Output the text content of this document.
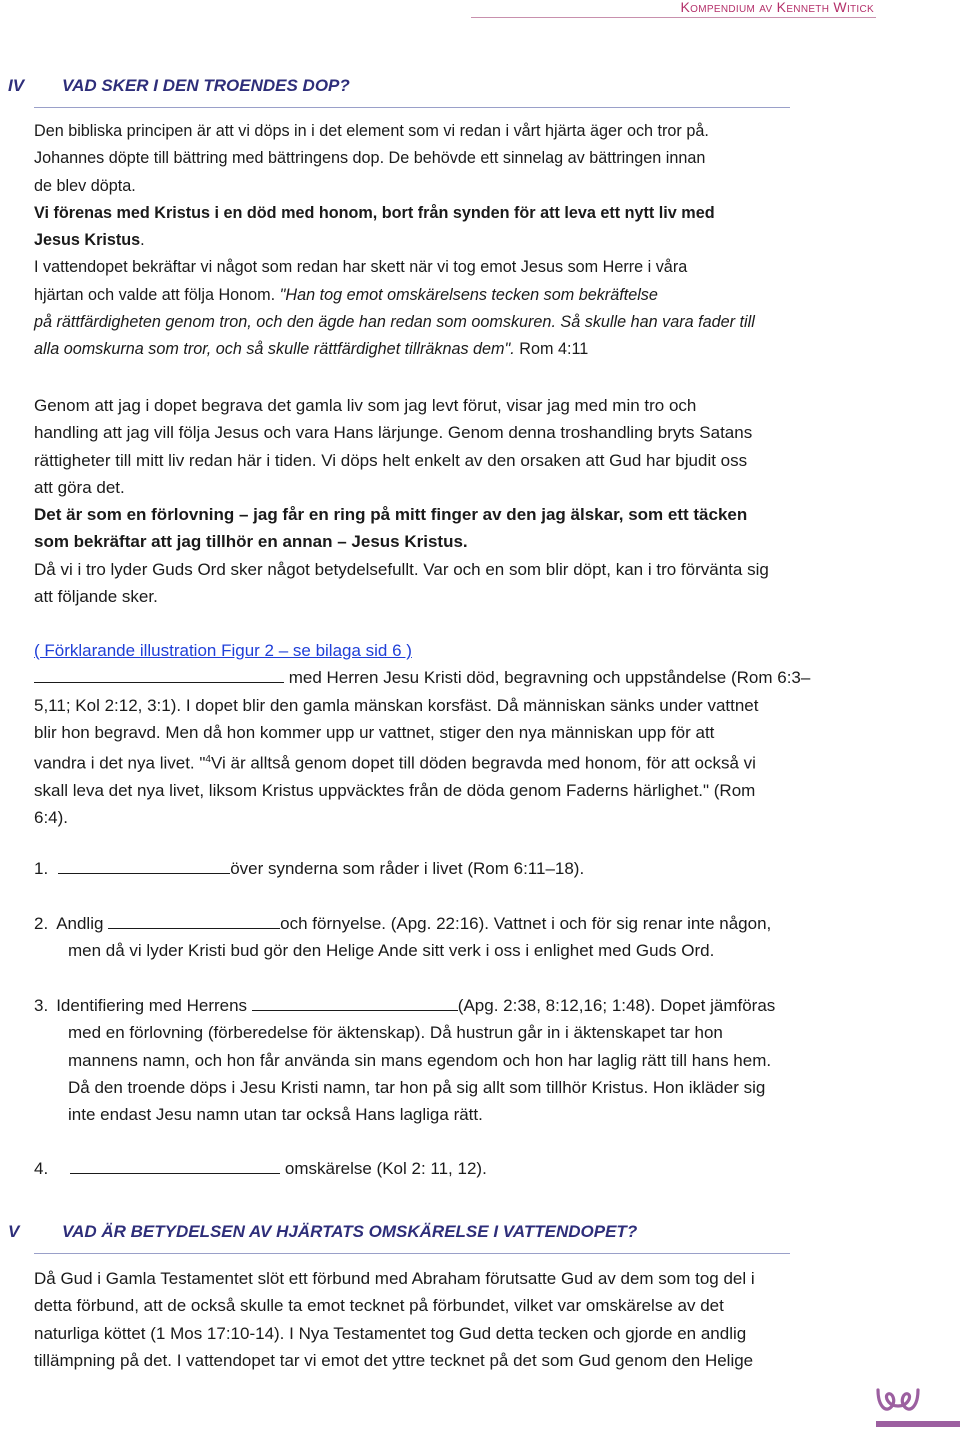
Kompendium av Kenneth Witick
IV VAD SKER I DEN TROENDES DOP?
Den bibliska principen är att vi döps in i det element som vi redan i vårt hjärta äger och tror på.
Johannes döpte till bättring med bättringens dop. De behövde ett sinnelag av bättringen innan
de blev döpta.
Vi förenas med Kristus i en död med honom, bort från synden för att leva ett nytt liv med
Jesus Kristus.
I vattendopet bekräftar vi något som redan har skett när vi tog emot Jesus som Herre i våra
hjärtan och valde att följa Honom. "Han tog emot omskärelsens tecken som bekräftelse
på rättfärdigheten genom tron, och den ägde han redan som oomskuren. Så skulle han vara fader till
alla oomskurna som tror, och så skulle rättfärdighet tillräknas dem". Rom 4:11
Genom att jag i dopet begrava det gamla liv som jag levt förut, visar jag med min tro och
handling att jag vill följa Jesus och vara Hans lärjunge. Genom denna troshandling bryts Satans
rättigheter till mitt liv redan här i tiden. Vi döps helt enkelt av den orsaken att Gud har bjudit oss
att göra det.
Det är som en förlovning – jag får en ring på mitt finger av den jag älskar, som ett täcken
som bekräftar att jag tillhör en annan – Jesus Kristus.
Då vi i tro lyder Guds Ord sker något betydelsefullt. Var och en som blir döpt, kan i tro förvänta sig
att följande sker.
( Förklarande illustration Figur 2 – se bilaga sid 6 )
med Herren Jesu Kristi död, begravning och uppståndelse (Rom 6:3–
5,11; Kol 2:12, 3:1). I dopet blir den gamla mänskan korsfäst. Då människan sänks under vattnet
blir hon begravd. Men då hon kommer upp ur vattnet, stiger den nya människan upp för att
vandra i det nya livet. "$^4$Vi är alltså genom dopet till döden begravda med honom, för att också vi
skall leva det nya livet, liksom Kristus uppväcktes från de döda genom Faderns härlighet." (Rom
6:4).
1.	över synderna som råder i livet (Rom 6:11–18).
2. Andlig	och förnyelse. (Apg. 22:16). Vattnet i och för sig renar inte någon,
men då vi lyder Kristi bud gör den Helige Ande sitt verk i oss i enlighet med Guds Ord.
3. Identifiering med Herrens	(Apg. 2:38, 8:12,16; 1:48). Dopet jämföras
med en förlovning (förberedelse för äktenskap). Då hustrun går in i äktenskapet tar hon
mannens namn, och hon får använda sin mans egendom och hon har laglig rätt till hans hem.
Då den troende döps i Jesu Kristi namn, tar hon på sig allt som tillhör Kristus. Hon ikläder sig
inte endast Jesu namn utan tar också Hans lagliga rätt.
4.	omskärelse (Kol 2: 11, 12).
V	VAD ÄR BETYDELSEN AV HJÄRTATS OMSKÄRELSE I VATTENDOPET?
Då Gud i Gamla Testamentet slöt ett förbund med Abraham förutsatte Gud av dem som tog del i
detta förbund, att de också skulle ta emot tecknet på förbundet, vilket var omskärelse av det
naturliga köttet (1 Mos 17:10-14). I Nya Testamentet tog Gud detta tecken och gjorde en andlig
tillämpning på det. I vattendopet tar vi emot det yttre tecknet på det som Gud genom den Helige
